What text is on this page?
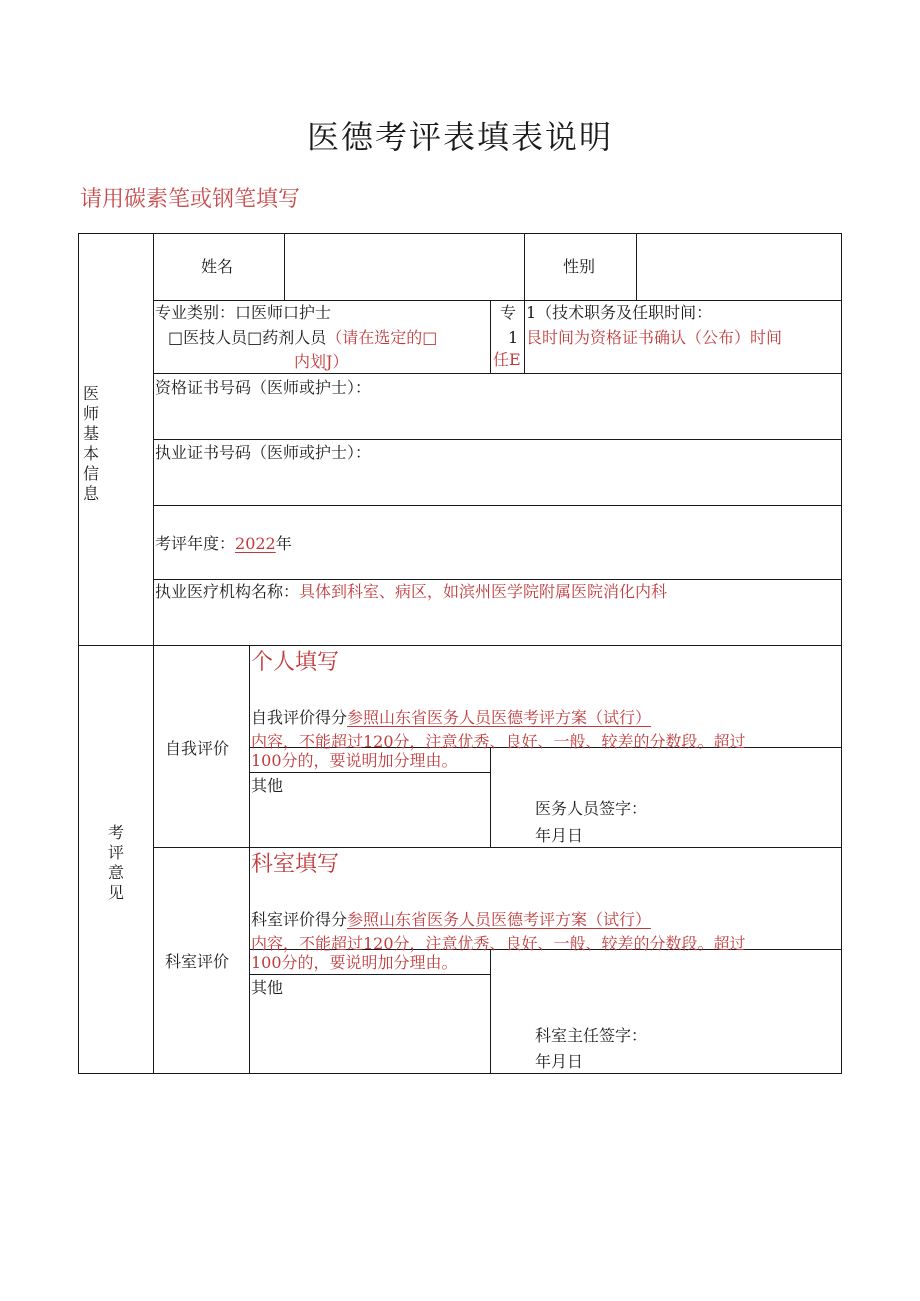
医德考评表填表说明
请用碳素笔或钢笔填写
医师基本信息
姓名	性别
专业类别：口医师口护士
□医技人员□药剂人员（请在选定的□
内划J）
专
1
任E
1（技术职务及任职时间：
艮时间为资格证书确认（公布）时间
资格证书号码（医师或护士）：
执业证书号码（医师或护士）：
考评年度：2022年
执业医疗机构名称：具体到科室、病区，如滨州医学院附属医院消化内科
考评意见
自我评价
个人填写
自我评价得分参照山东省医务人员医德考评方案（试行）
内容，不能超过120分，注意优秀、良好、一般、较差的分数段。超过
100分的，要说明加分理由。
其他
医务人员签字：
年月日
科室评价
科室填写
科室评价得分参照山东省医务人员医德考评方案（试行）
内容，不能超过120分，注意优秀、良好、一般、较差的分数段。超过
100分的，要说明加分理由。
其他
科室主任签字：
年月日
